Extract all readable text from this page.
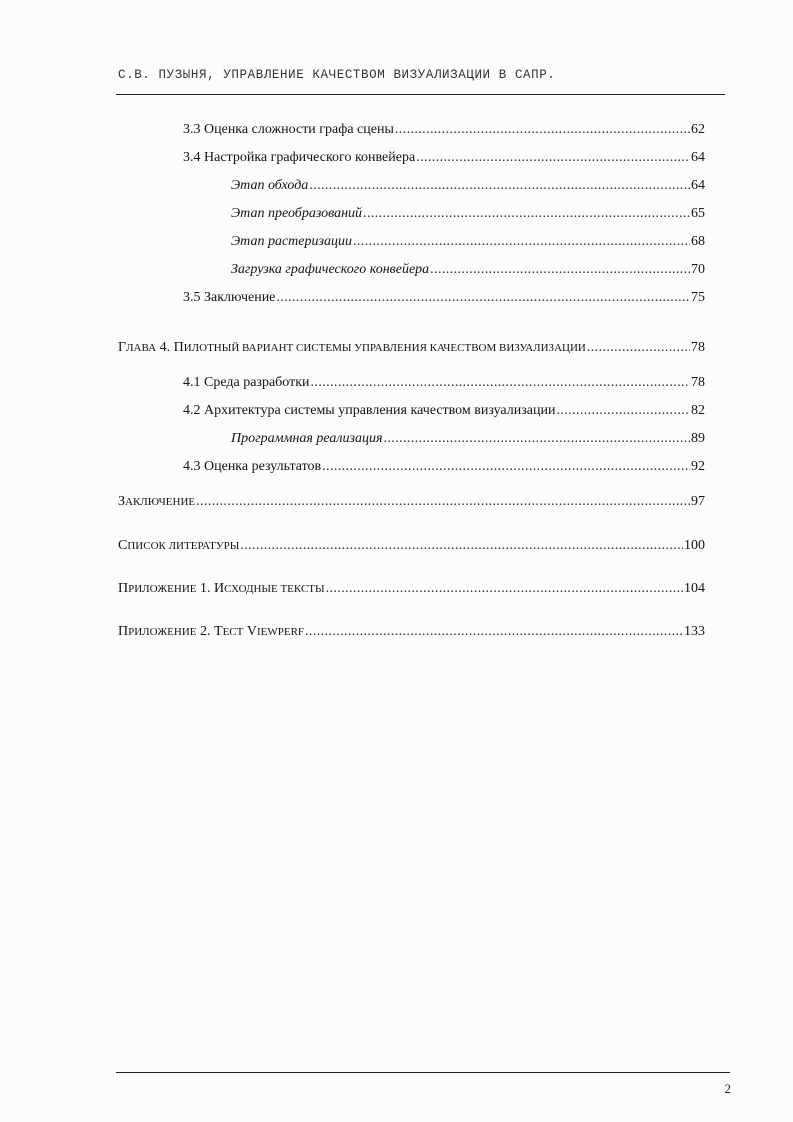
С.В. ПУЗЫНЯ, УПРАВЛЕНИЕ КАЧЕСТВОМ ВИЗУАЛИЗАЦИИ В САПР.
3.3 Оценка сложности графа сцены .....	62
3.4 Настройка графического конвейера .....	64
Этап обхода .....	64
Этап преобразований .....	65
Этап растеризации .....	68
Загрузка графического конвейера .....	70
3.5 Заключение .....	75
ГЛАВА 4. ПИЛОТНЫЙ ВАРИАНТ СИСТЕМЫ УПРАВЛЕНИЯ КАЧЕСТВОМ ВИЗУАЛИЗАЦИИ .....	78
4.1 Среда разработки .....	78
4.2 Архитектура системы управления качеством визуализации .....	82
Программная реализация .....	89
4.3 Оценка результатов .....	92
ЗАКЛЮЧЕНИЕ .....	97
СПИСОК ЛИТЕРАТУРЫ .....	100
ПРИЛОЖЕНИЕ 1. ИСХОДНЫЕ ТЕКСТЫ .....	104
ПРИЛОЖЕНИЕ 2. ТЕСТ VIEWPERF .....	133
2
